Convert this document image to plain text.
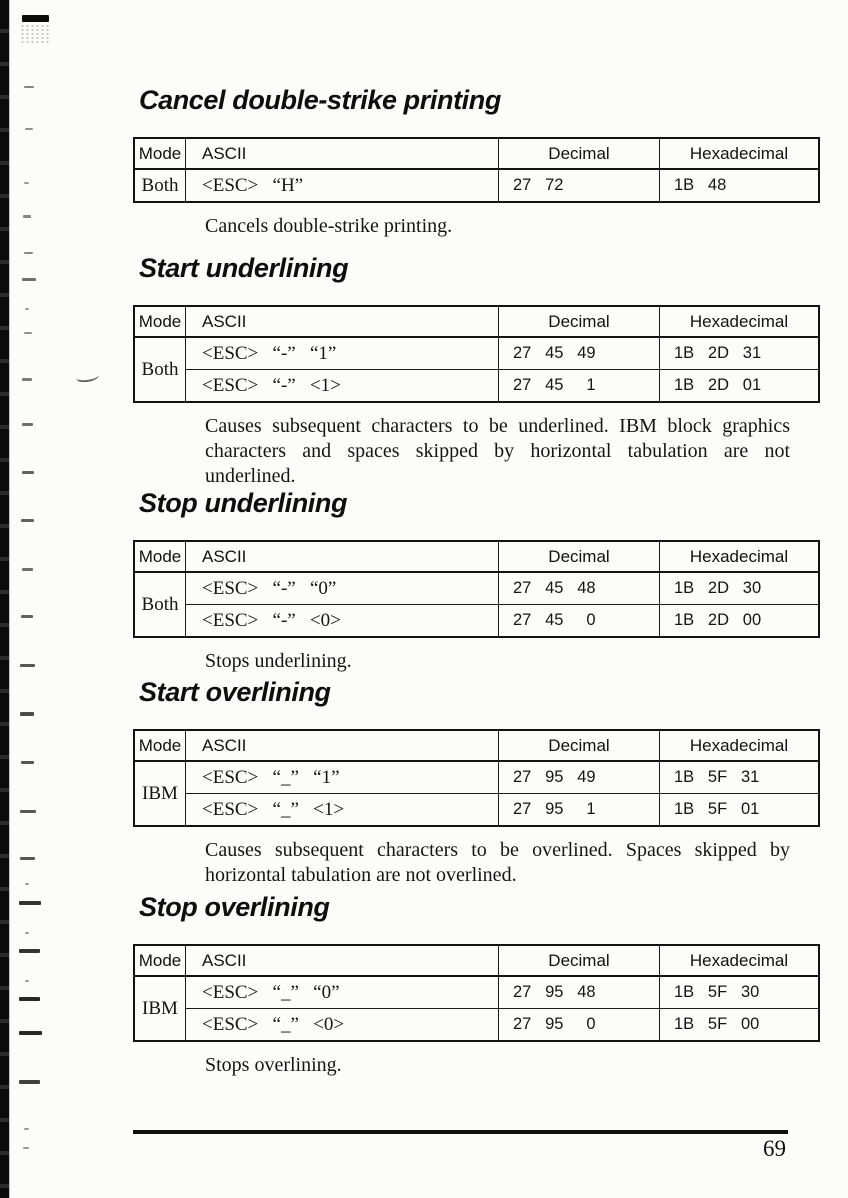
Cancel double-strike printing
Mode	ASCII	Decimal	Hexadecimal
Both	<ESC>   “H”	27   72	1B   48

Cancels double-strike printing.

Start underlining
Mode	ASCII	Decimal	Hexadecimal
Both	<ESC>   “-”   “1”	27   45   49	1B   2D   31
	<ESC>   “-”   <1>	27   45     1	1B   2D   01

Causes subsequent characters to be underlined. IBM block graphics characters and spaces skipped by horizontal tabulation are not underlined.

Stop underlining
Mode	ASCII	Decimal	Hexadecimal
Both	<ESC>   “-”   “0”	27   45   48	1B   2D   30
	<ESC>   “-”   <0>	27   45     0	1B   2D   00

Stops underlining.

Start overlining
Mode	ASCII	Decimal	Hexadecimal
IBM	<ESC>   “_”   “1”	27   95   49	1B   5F   31
	<ESC>   “_”   <1>	27   95     1	1B   5F   01

Causes subsequent characters to be overlined. Spaces skipped by horizontal tabulation are not overlined.

Stop overlining
Mode	ASCII	Decimal	Hexadecimal
IBM	<ESC>   “_”   “0”	27   95   48	1B   5F   30
	<ESC>   “_”   <0>	27   95     0	1B   5F   00

Stops overlining.

69
